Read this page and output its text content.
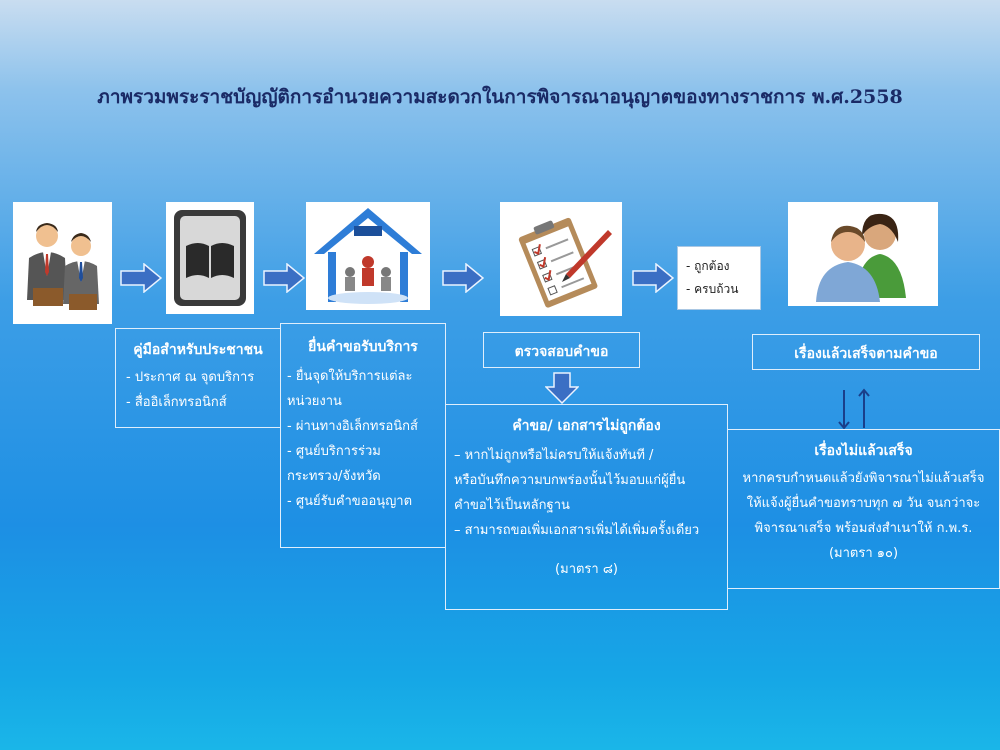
ภาพรวมพระราชบัญญัติการอำนวยความสะดวกในการพิจารณาอนุญาตของทางราชการ พ.ศ.2558
- ถูกต้อง
- ครบถ้วน
คู่มือสำหรับประชาชน
- ประกาศ ณ จุดบริการ
- สื่ออิเล็กทรอนิกส์
ยื่นคำขอรับบริการ
- ยื่นจุดให้บริการแต่ละ
หน่วยงาน
- ผ่านทางอิเล็กทรอนิกส์
- ศูนย์บริการร่วม
กระทรวง/จังหวัด
- ศูนย์รับคำขออนุญาต
ตรวจสอบคำขอ
คำขอ/ เอกสารไม่ถูกต้อง
– หากไม่ถูกหรือไม่ครบให้แจ้งทันที /
หรือบันทึกความบกพร่องนั้นไว้มอบแก่ผู้ยื่น
คำขอไว้เป็นหลักฐาน
– สามารถขอเพิ่มเอกสารเพิ่มได้เพิ่มครั้งเดียว
(มาตรา ๘)
เรื่องแล้วเสร็จตามคำขอ
เรื่องไม่แล้วเสร็จ
หากครบกำหนดแล้วยังพิจารณาไม่แล้วเสร็จ
ให้แจ้งผู้ยื่นคำขอทราบทุก ๗ วัน จนกว่าจะ
พิจารณาเสร็จ พร้อมส่งสำเนาให้ ก.พ.ร.
(มาตรา ๑๐)
